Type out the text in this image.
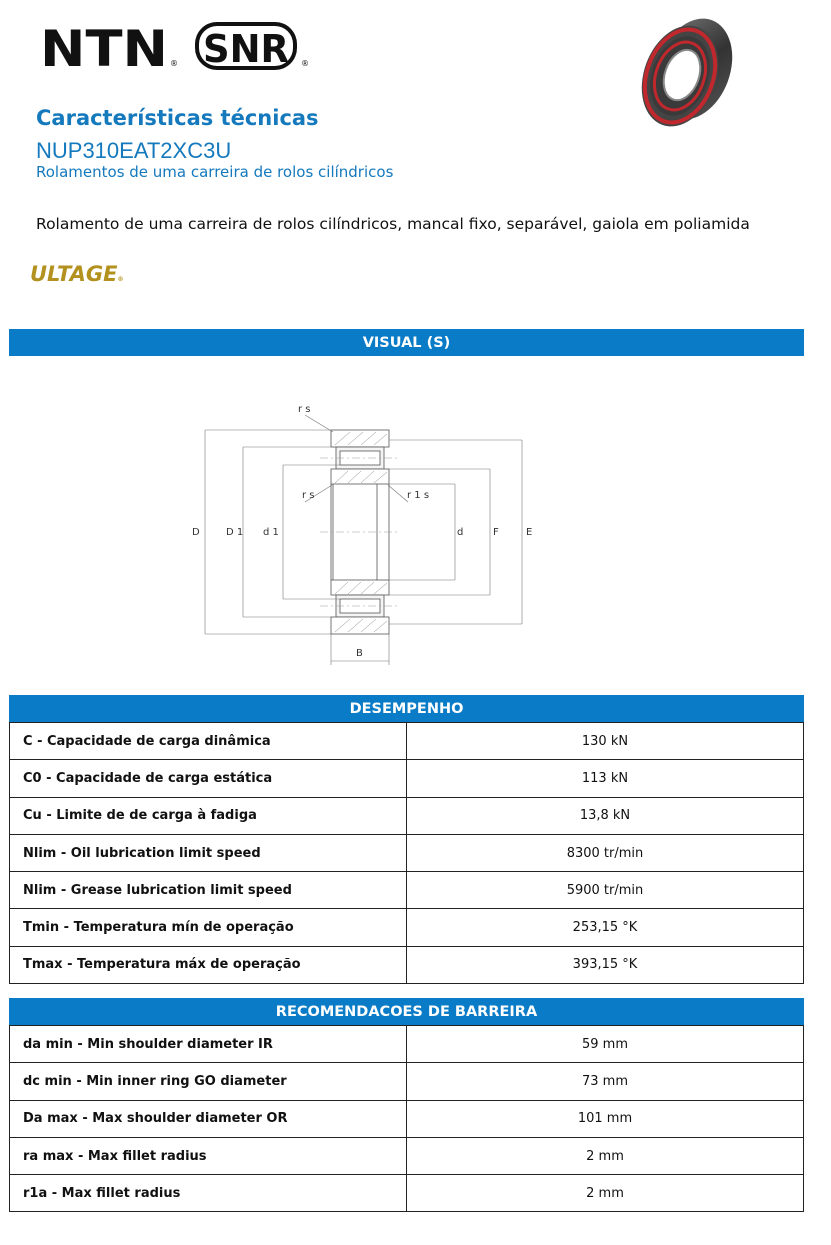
NTN ® SNR ®
Características técnicas
NUP310EAT2XC3U
Rolamentos de uma carreira de rolos cilíndricos
Rolamento de uma carreira de rolos cilíndricos, mancal fixo, separável, gaiola em poliamida
ULTAGE®
VISUAL (S)
r s
r s	r 1 s
D	D 1 d 1	d	F	E
B
DESEMPENHO
C - Capacidade de carga dinâmica	130 kN
C0 - Capacidade de carga estática	113 kN
Cu - Limite de de carga à fadiga	13,8 kN
Nlim - Oil lubrication limit speed	8300 tr/min
Nlim - Grease lubrication limit speed	5900 tr/min
Tmin - Temperatura mín de operação	253,15 °K
Tmax - Temperatura máx de operação	393,15 °K
RECOMENDACOES DE BARREIRA
da min - Min shoulder diameter IR	59 mm
dc min - Min inner ring GO diameter	73 mm
Da max - Max shoulder diameter OR	101 mm
ra max - Max fillet radius	2 mm
r1a - Max fillet radius	2 mm
